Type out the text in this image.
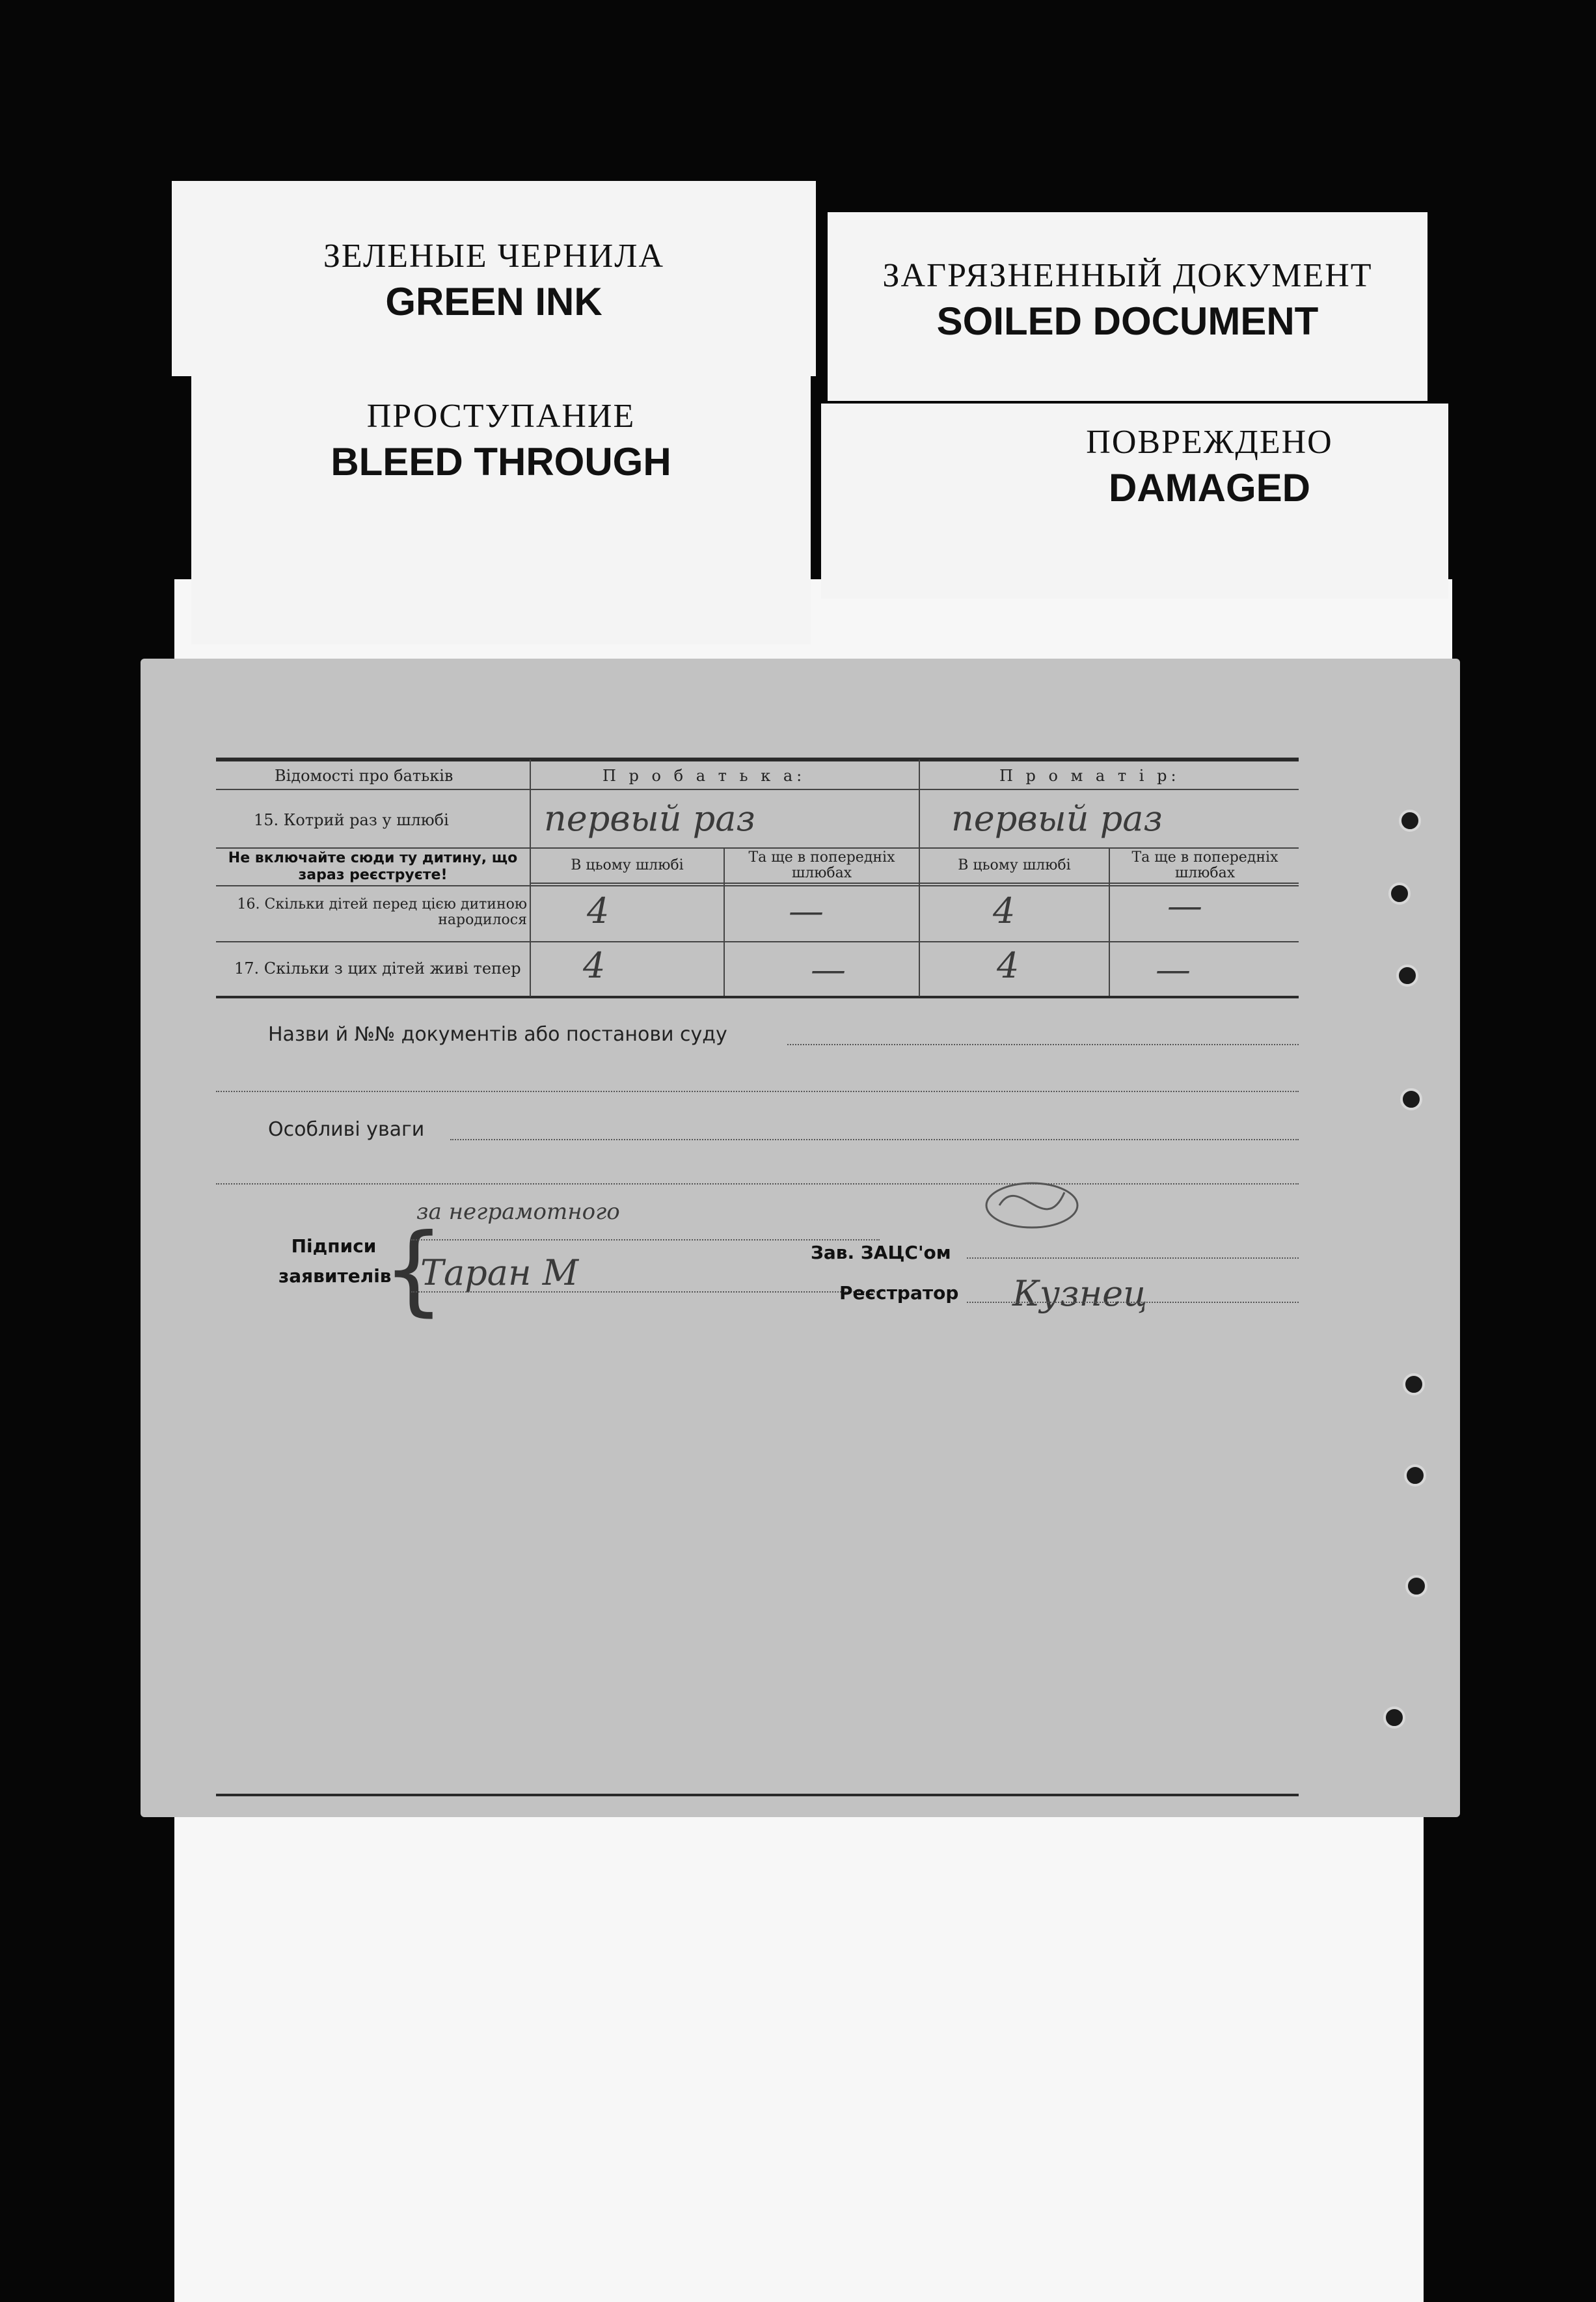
ЗЕЛЕНЫЕ ЧЕРНИЛА
GREEN INK
ЗАГРЯЗНЕННЫЙ ДОКУМЕНТ
SOILED DOCUMENT
ПРОСТУПАНИЕ
BLEED THROUGH	ПОВРЕЖДЕНО
DAMAGED
Відомості про батьків	П р о б а т ь к а:	П р о м а т і р:
15. Котрий раз у шлюбі	первый раз	первый раз
Не включайте сюди ту дитину, що зараз реєструєте!
В цьому шлюбі	Та ще в попередніх шлюбах	В цьому шлюбі	Та ще в попередніх шлюбах
16. Скільки дітей перед цією дитиною народилося 4	—	4	—
17. Скільки з цих дітей живі тепер 4	—	4	—
Назви й №№ документів або постанови суду
Особливі уваги
Підписи заявителів
{
за неграмотного
Таран М	Зав. ЗАЦС'ом
Реєстратор Кузнец
